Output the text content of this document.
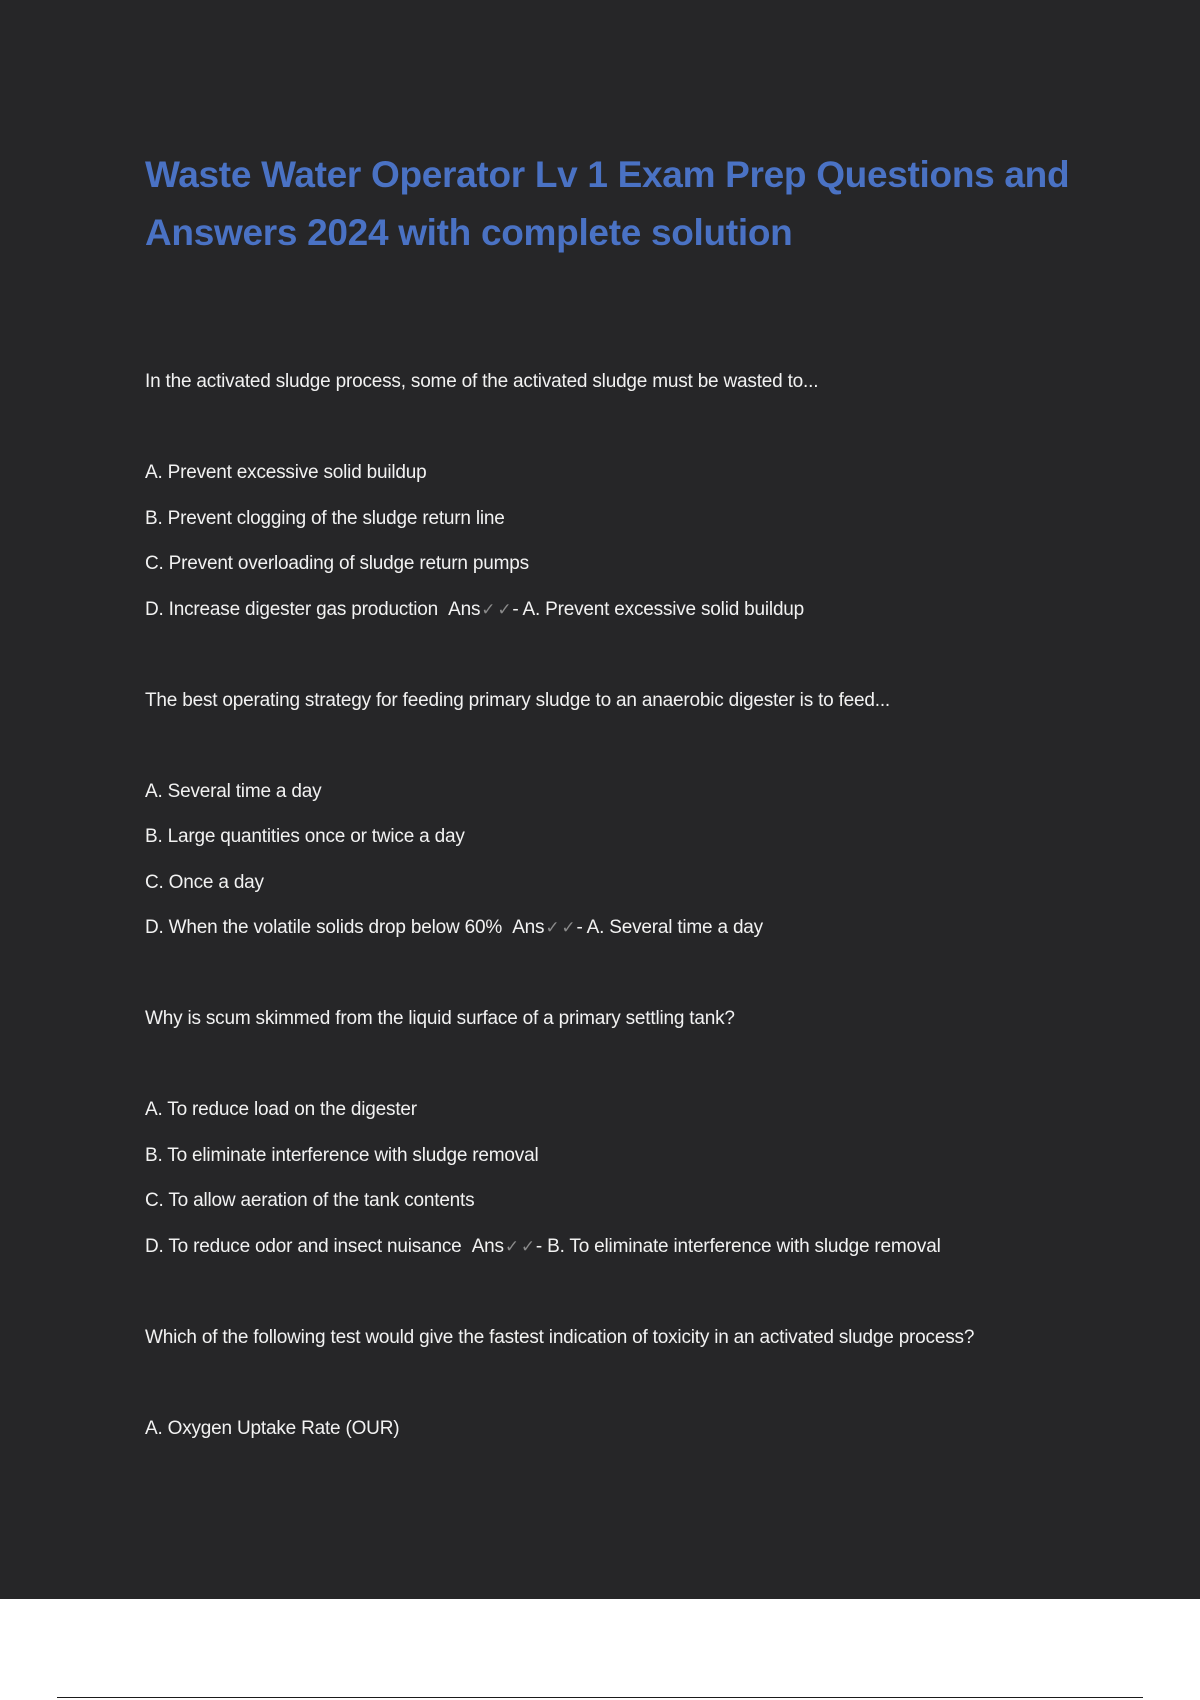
Waste Water Operator Lv 1 Exam Prep Questions and Answers 2024 with complete solution

In the activated sludge process, some of the activated sludge must be wasted to...

A. Prevent excessive solid buildup

B. Prevent clogging of the sludge return line

C. Prevent overloading of sludge return pumps

D. Increase digester gas production Ans✓ ✓- A. Prevent excessive solid buildup

The best operating strategy for feeding primary sludge to an anaerobic digester is to feed...

A. Several time a day

B. Large quantities once or twice a day

C. Once a day

D. When the volatile solids drop below 60% Ans✓ ✓- A. Several time a day

Why is scum skimmed from the liquid surface of a primary settling tank?

A. To reduce load on the digester

B. To eliminate interference with sludge removal

C. To allow aeration of the tank contents

D. To reduce odor and insect nuisance Ans✓ ✓- B. To eliminate interference with sludge removal

Which of the following test would give the fastest indication of toxicity in an activated sludge process?

A. Oxygen Uptake Rate (OUR)
